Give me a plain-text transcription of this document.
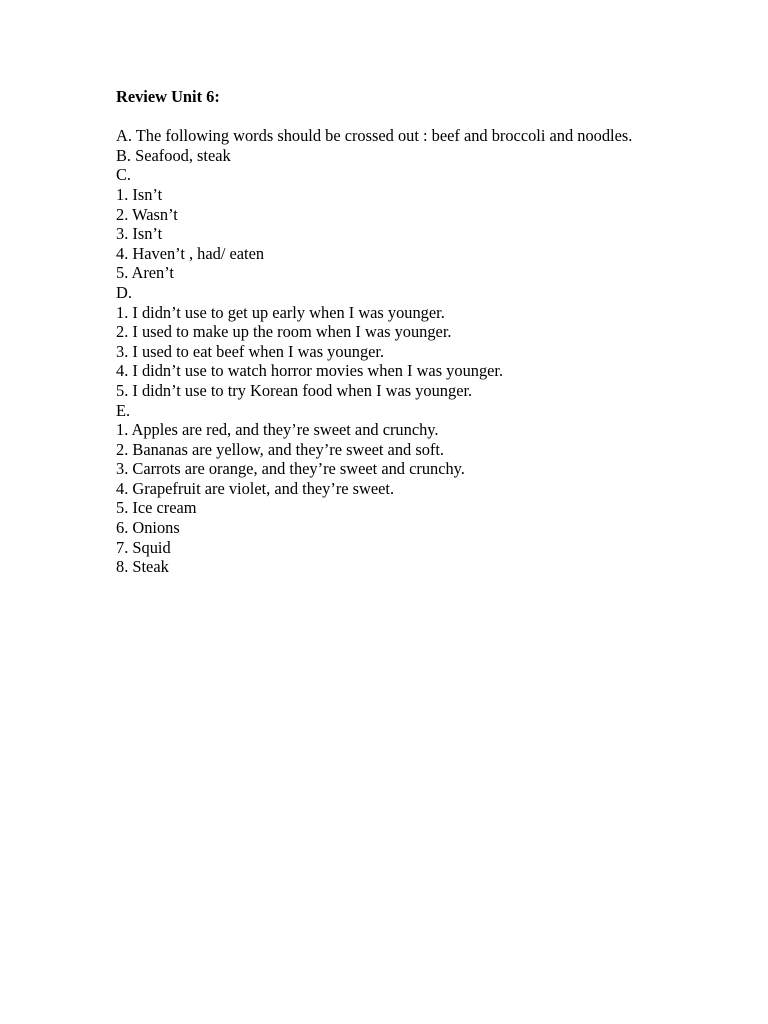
Review Unit 6:
A. The following words should be crossed out : beef and broccoli and noodles.
B. Seafood, steak
C.
1. Isn’t
2. Wasn’t
3. Isn’t
4. Haven’t , had/ eaten
5. Aren’t
D.
1. I didn’t use to get up early when I was younger.
2. I used to make up the room when I was younger.
3. I used to eat beef when I was younger.
4. I didn’t use to watch horror movies when I was younger.
5. I didn’t use to try Korean food when I was younger.
E.
1. Apples are red, and they’re sweet and crunchy.
2. Bananas are yellow, and they’re sweet and soft.
3. Carrots are orange, and they’re sweet and crunchy.
4. Grapefruit are violet, and they’re sweet.
5. Ice cream
6. Onions
7. Squid
8. Steak
